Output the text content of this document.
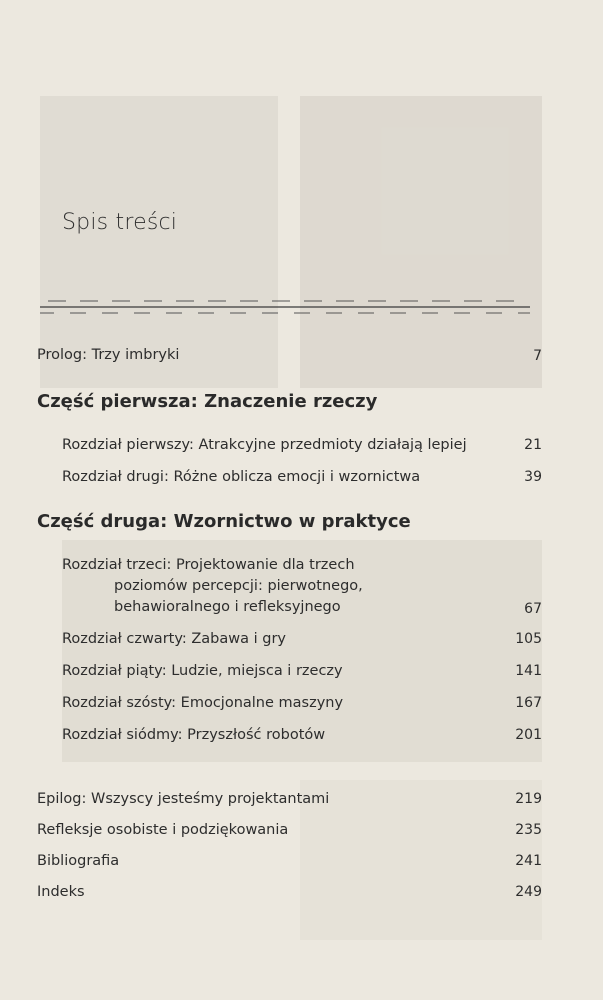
Spis treści
Prolog: Trzy imbryki	7
Część pierwsza: Znaczenie rzeczy
Rozdział pierwszy: Atrakcyjne przedmioty działają lepiej	21
Rozdział drugi: Różne oblicza emocji i wzornictwa	39
Część druga: Wzornictwo w praktyce
Rozdział trzeci: Projektowanie dla trzech
poziomów percepcji: pierwotnego,
behawioralnego i refleksyjnego	67
Rozdział czwarty: Zabawa i gry	105
Rozdział piąty: Ludzie, miejsca i rzeczy	141
Rozdział szósty: Emocjonalne maszyny	167
Rozdział siódmy: Przyszłość robotów	201
Epilog: Wszyscy jesteśmy projektantami	219
Refleksje osobiste i podziękowania	235
Bibliografia	241
Indeks	249
